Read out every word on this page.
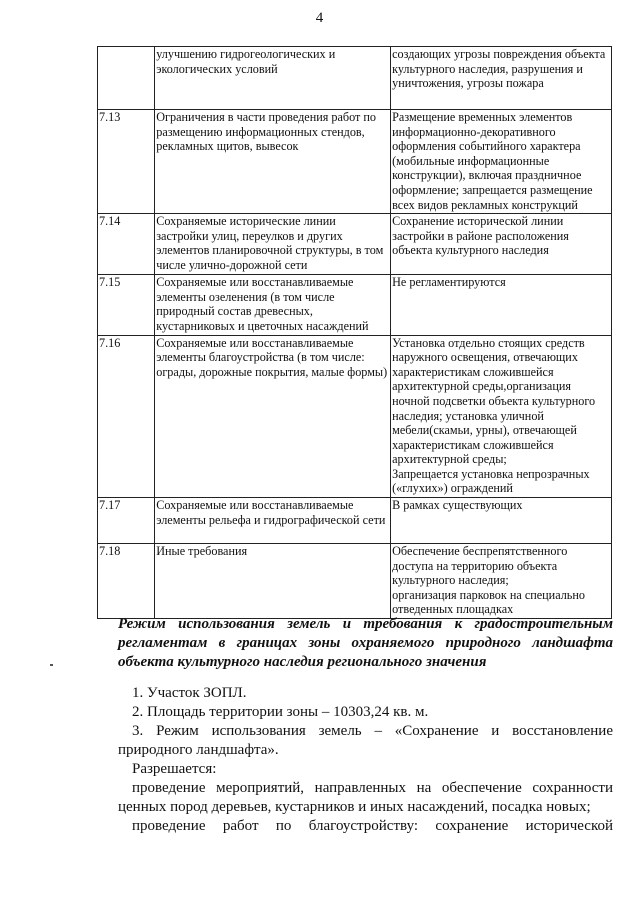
4
	улучшению гидрогеологических и экологических условий	создающих угрозы повреждения объекта культурного наследия, разрушения и уничтожения, угрозы пожара

7.13	Ограничения в части проведения работ по размещению информационных стендов, рекламных щитов, вывесок	Размещение временных элементов информационно-декоративного оформления событийного характера (мобильные информационные конструкции), включая праздничное оформление; запрещается размещение всех видов рекламных конструкций

7.14	Сохраняемые исторические линии застройки улиц, переулков и других элементов планировочной структуры, в том числе улично-дорожной сети	Сохранение исторической линии застройки в районе расположения объекта культурного наследия

7.15	Сохраняемые или восстанавливаемые элементы озеленения (в том числе природный состав древесных, кустарниковых и цветочных насаждений	Не регламентируются

7.16	Сохраняемые или восстанавливаемые элементы благоустройства (в том числе: ограды, дорожные покрытия, малые формы)	Установка отдельно стоящих средств наружного освещения, отвечающих характеристикам сложившейся архитектурной среды,организация ночной подсветки объекта культурного наследия; установка уличной мебели(скамьи, урны), отвечающей характеристикам сложившейся архитектурной среды;
Запрещается установка непрозрачных («глухих») ограждений

7.17	Сохраняемые или восстанавливаемые элементы рельефа и гидрографической сети	В рамках существующих

7.18	Иные требования	Обеспечение беспрепятственного доступа на территорию объекта культурного наследия;
организация парковок на специально отведенных площадках
Режим использования земель и требования к градостроительным
регламентам в границах зоны охраняемого природного ландшафта объекта культурного наследия регионального значения

1. Участок ЗОПЛ.

2. Площадь территории зоны – 10303,24 кв. м.

3. Режим использования земель – «Сохранение и восстановление природного ландшафта».

Разрешается:

проведение мероприятий, направленных на обеспечение сохранности ценных пород деревьев, кустарников и иных насаждений, посадка новых;

проведение работ по благоустройству: сохранение исторической
